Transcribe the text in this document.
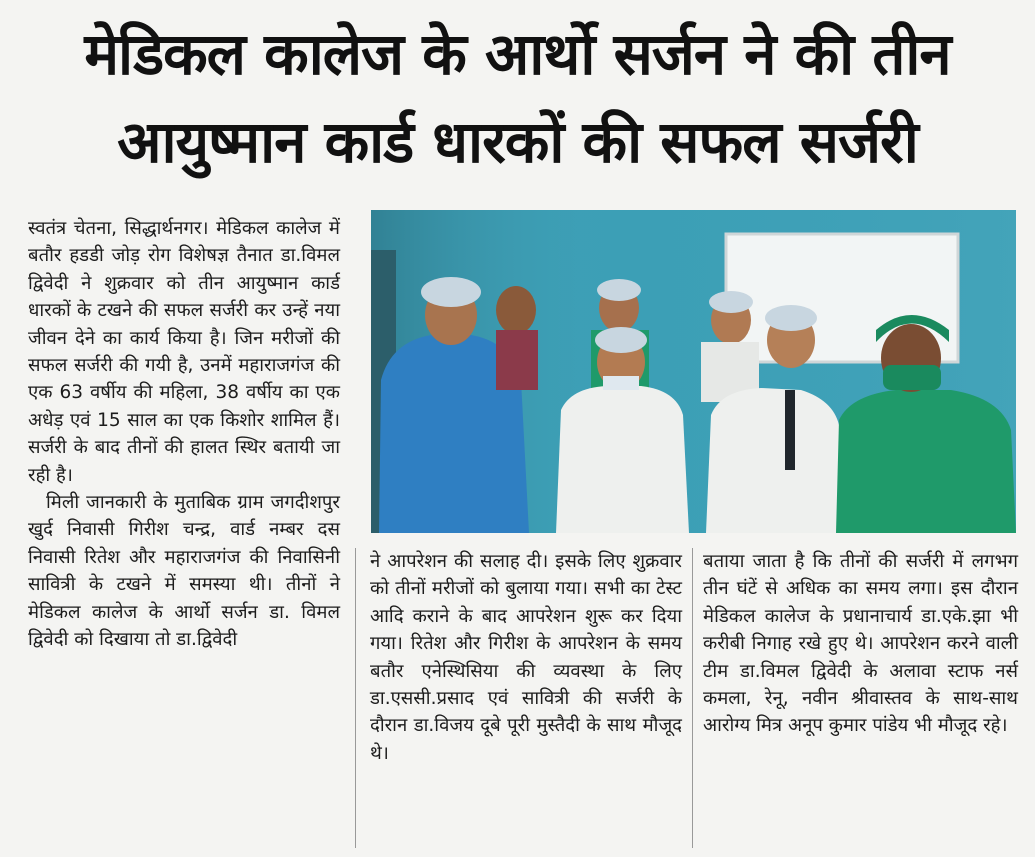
मेडिकल कालेज के आर्थो सर्जन ने की तीन
आयुष्मान कार्ड धारकों की सफल सर्जरी

स्वतंत्र चेतना, सिद्धार्थनगर। मेडिकल कालेज में बतौर हडडी जोड़ रोग विशेषज्ञ तैनात डा.विमल द्विवेदी ने शुक्रवार को तीन आयुष्मान कार्ड धारकों के टखने की सफल सर्जरी कर उन्हें नया जीवन देने का कार्य किया है। जिन मरीजों की सफल सर्जरी की गयी है, उनमें महाराजगंज की एक 63 वर्षीय की महिला, 38 वर्षीय का एक अधेड़ एवं 15 साल का एक किशोर शामिल हैं। सर्जरी के बाद तीनों की हालत स्थिर बतायी जा रही है।

मिली जानकारी के मुताबिक ग्राम जगदीशपुर खुर्द निवासी गिरीश चन्द्र, वार्ड नम्बर दस निवासी रितेश और महाराजगंज की निवासिनी सावित्री के टखने में समस्या थी। तीनों ने मेडिकल कालेज के आर्थो सर्जन डा. विमल द्विवेदी को दिखाया तो डा.द्विवेदी

ने आपरेशन की सलाह दी। इसके लिए शुक्रवार को तीनों मरीजों को बुलाया गया। सभी का टेस्ट आदि कराने के बाद आपरेशन शुरू कर दिया गया। रितेश और गिरीश के आपरेशन के समय बतौर एनेस्थिसिया की व्यवस्था के लिए डा.एससी.प्रसाद एवं सावित्री की सर्जरी के दौरान डा.विजय दूबे पूरी मुस्तैदी के साथ मौजूद थे।

बताया जाता है कि तीनों की सर्जरी में लगभग तीन घंटें से अधिक का समय लगा। इस दौरान मेडिकल कालेज के प्रधानाचार्य डा.एके.झा भी करीबी निगाह रखे हुए थे। आपरेशन करने वाली टीम डा.विमल द्विवेदी के अलावा स्टाफ नर्स कमला, रेनू, नवीन श्रीवास्तव के साथ-साथ आरोग्य मित्र अनूप कुमार पांडेय भी मौजूद रहे।
